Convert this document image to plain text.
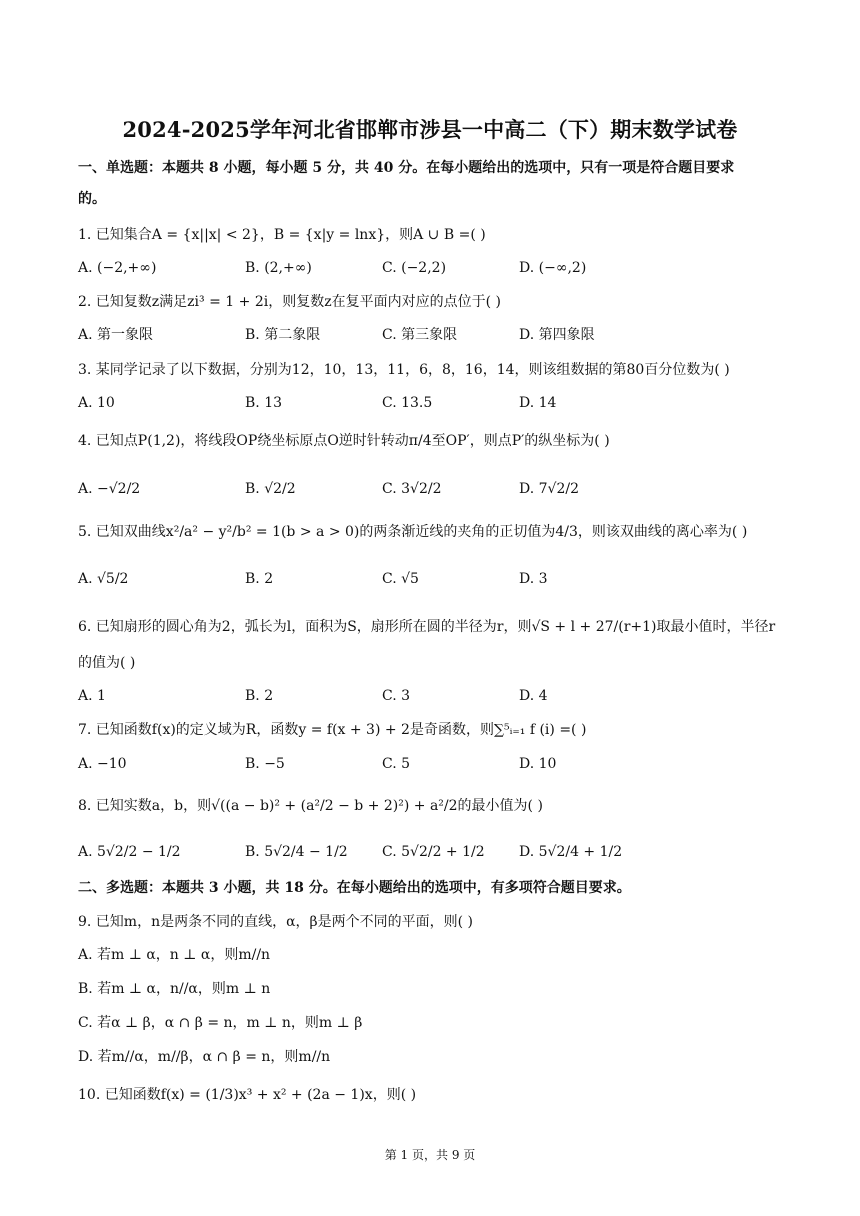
2024-2025学年河北省邯郸市涉县一中高二（下）期末数学试卷
一、单选题：本题共 8 小题，每小题 5 分，共 40 分。在每小题给出的选项中，只有一项是符合题目要求
的。
1. 已知集合A = {x||x| < 2}，B = {x|y = lnx}，则A ∪ B =( )
A. (−2,+∞)	B. (2,+∞)	C. (−2,2)	D. (−∞,2)
2. 已知复数z满足zi³ = 1 + 2i，则复数z在复平面内对应的点位于( )
A. 第一象限	B. 第二象限	C. 第三象限	D. 第四象限
3. 某同学记录了以下数据，分别为12，10，13，11，6，8，16，14，则该组数据的第80百分位数为( )
A. 10	B. 13	C. 13.5	D. 14
4. 已知点P(1,2)，将线段OP绕坐标原点O逆时针转动π/4至OP′，则点P′的纵坐标为( )
A. −√2/2	B. √2/2	C. 3√2/2	D. 7√2/2
5. 已知双曲线x²/a² − y²/b² = 1(b > a > 0)的两条渐近线的夹角的正切值为4/3，则该双曲线的离心率为( )
A. √5/2	B. 2	C. √5	D. 3
6. 已知扇形的圆心角为2，弧长为l，面积为S，扇形所在圆的半径为r，则√S + l + 27/(r+1)取最小值时，半径r
的值为( )
A. 1	B. 2	C. 3	D. 4
7. 已知函数f(x)的定义域为R，函数y = f(x + 3) + 2是奇函数，则∑⁵ᵢ₌₁ f (i) =( )
A. −10	B. −5	C. 5	D. 10
8. 已知实数a，b，则√((a − b)² + (a²/2 − b + 2)²) + a²/2的最小值为( )
A. 5√2/2 − 1/2	B. 5√2/4 − 1/2 C. 5√2/2 + 1/2 D. 5√2/4 + 1/2
二、多选题：本题共 3 小题，共 18 分。在每小题给出的选项中，有多项符合题目要求。
9. 已知m，n是两条不同的直线，α，β是两个不同的平面，则( )
A. 若m ⊥ α，n ⊥ α，则m//n
B. 若m ⊥ α，n//α，则m ⊥ n
C. 若α ⊥ β，α ∩ β = n，m ⊥ n，则m ⊥ β
D. 若m//α，m//β，α ∩ β = n，则m//n
10. 已知函数f(x) = (1/3)x³ + x² + (2a − 1)x，则( )
第 1 页，共 9 页
